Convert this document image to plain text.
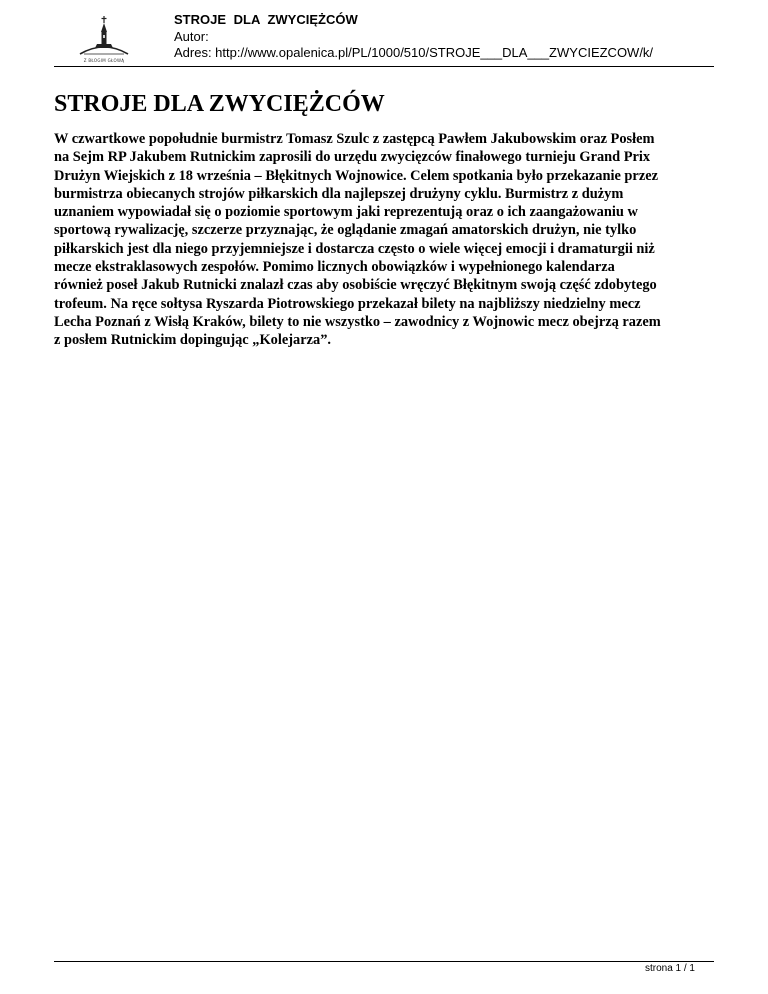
Z BŁOGIM GŁOWĄ
STROJE DLA ZWYCIĘŻCÓW
Autor:
Adres: http://www.opalenica.pl/PL/1000/510/STROJE___DLA___ZWYCIEZCOW/k/
STROJE DLA ZWYCIĘŻCÓW

W czwartkowe popołudnie burmistrz Tomasz Szulc z zastępcą Pawłem Jakubowskim oraz Posłem
na Sejm RP Jakubem Rutnickim zaprosili do urzędu zwycięzców finałowego turnieju Grand Prix
Drużyn Wiejskich z 18 września – Błękitnych Wojnowice. Celem spotkania było przekazanie przez
burmistrza obiecanych strojów piłkarskich dla najlepszej drużyny cyklu. Burmistrz z dużym
uznaniem wypowiadał się o poziomie sportowym jaki reprezentują oraz o ich zaangażowaniu w
sportową rywalizację, szczerze przyznając, że oglądanie zmagań amatorskich drużyn, nie tylko
piłkarskich jest dla niego przyjemniejsze i dostarcza często o wiele więcej emocji i dramaturgii niż
mecze ekstraklasowych zespołów. Pomimo licznych obowiązków i wypełnionego kalendarza
również poseł Jakub Rutnicki znalazł czas aby osobiście wręczyć Błękitnym swoją część zdobytego
trofeum. Na ręce sołtysa Ryszarda Piotrowskiego przekazał bilety na najbliższy niedzielny mecz
Lecha Poznań z Wisłą Kraków, bilety to nie wszystko – zawodnicy z Wojnowic mecz obejrzą razem
z posłem Rutnickim dopingując „Kolejarza”.

strona 1 / 1
